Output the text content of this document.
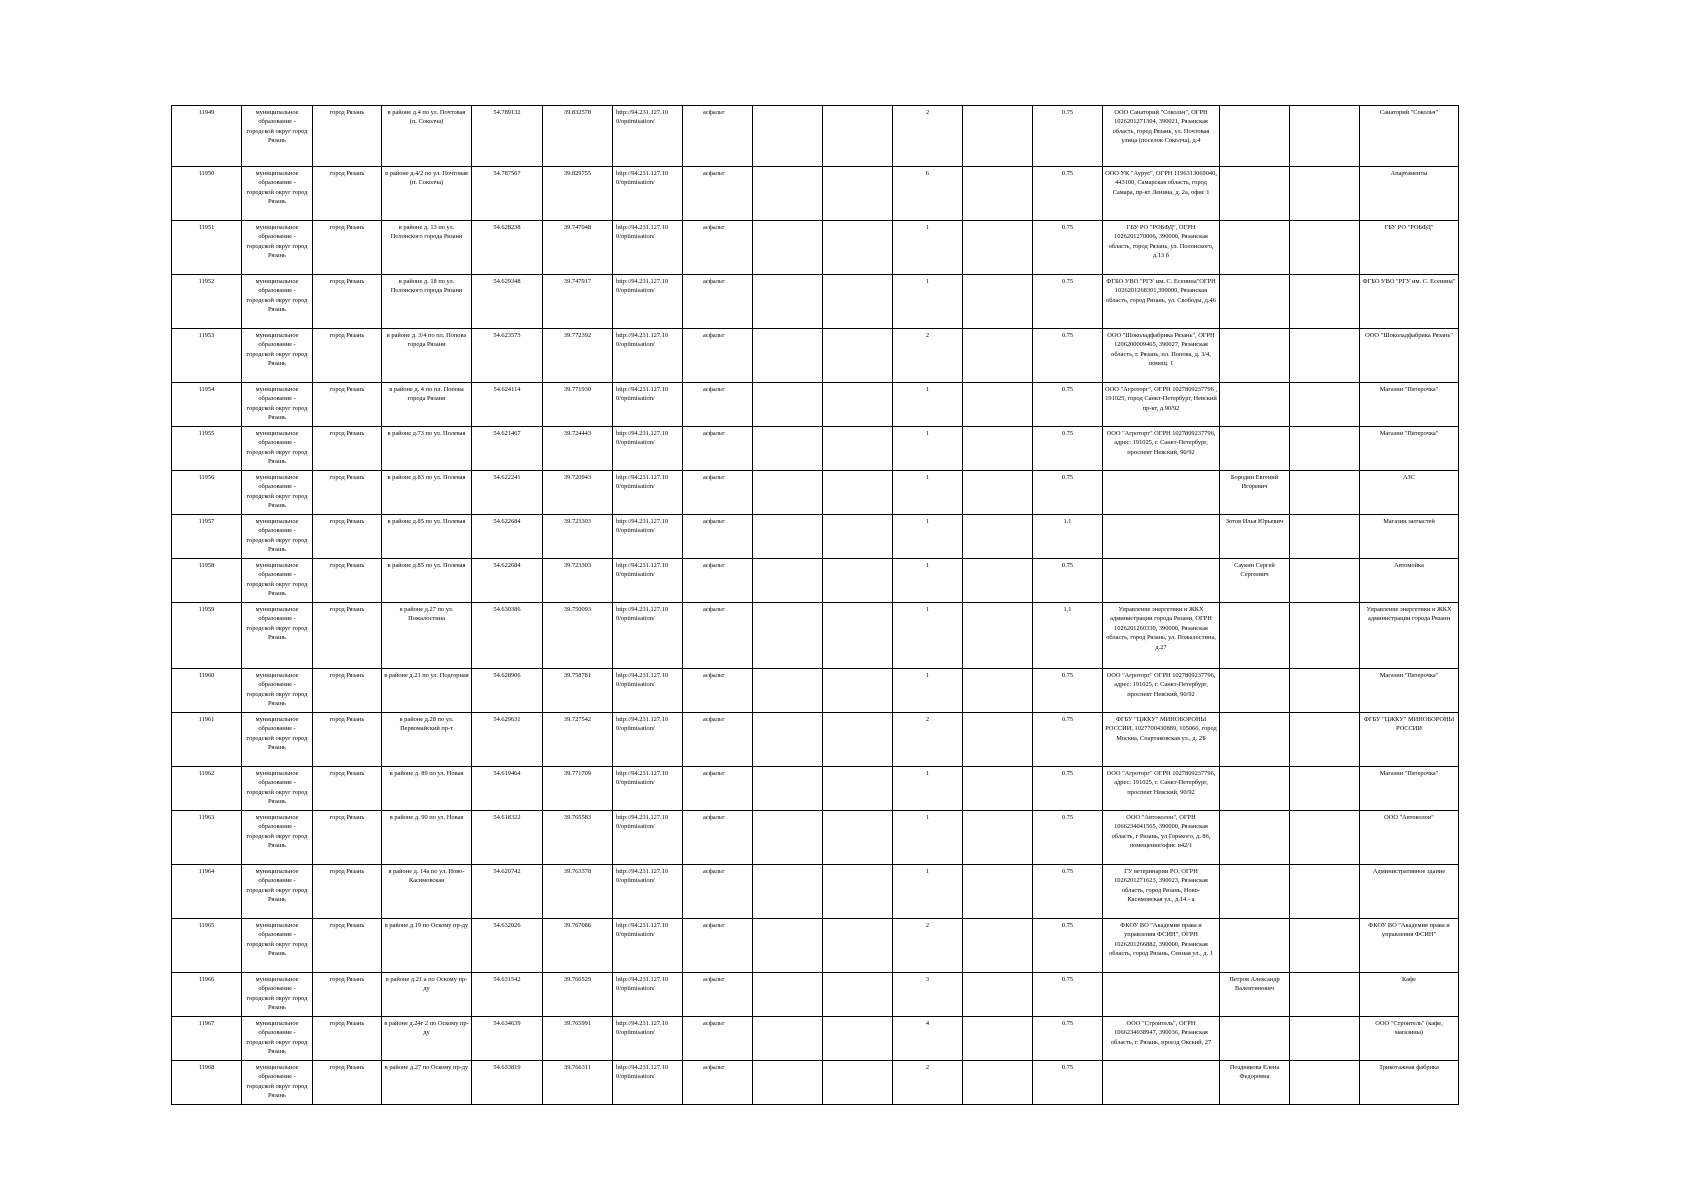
11949	муниципальное образование - городской округ город Рязань	город Рязань	в районе д.4 по ул. Почтовая (п. Соколча)	54.789132	39.832578	http://94.231.127.10 0/optimisation/	асфальт			2		0.75	ООО Санаторий "Сокольч", ОГРН 1026201271304, 390021, Рязанская область, город Рязань, ул. Почтовая улица (поселок Соколча), д.4			Санаторий "Сокольч"
11950	муниципальное образование - городской округ город Рязань	город Рязань	в районе д.4/2 по ул. Почтовая (п. Соколча)	54.787567	39.829755	http://94.231.127.10 0/optimisation/	асфальт			6		0.75	ООО УК "Аурус", ОГРН 1196313069040, 443100, Самарская область, город Самара, пр-кт Ленина, д. 2а, офис 1			Апартаменты
11951	муниципальное образование - городской округ город Рязань	город Рязань	в районе д. 13 по ул. Полонского города Рязани	54.628238	39.747048	http://94.231.127.10 0/optimisation/	асфальт			1		0.75	ГБУ РО "РОБФД", ОГРН 1026201270006, 390000, Рязанская область, город Рязань, ул. Полонского, д.13 б			ГБУ РО "РОБФД"
11952	муниципальное образование - городской округ город Рязань	город Рязань	в районе д. 18 по ул. Полонского города Рязани	54.629348	39.747917	http://94.231.127.10 0/optimisation/	асфальт			1		0.75	ФГБО УВО "РГУ им. С. Есенина"ОГРН 1026201268301,390000, Рязанская область, город Рязань, ул. Свободы, д.46			ФГБО УВО "РГУ им. С. Есенина"
11953	муниципальное образование - городской округ город Рязань	город Рязань	в районе д. 3/4 по пл. Попова города Рязани	54.623573	39.772392	http://94.231.127.10 0/optimisation/	асфальт			2		0.75	ООО "Шоколадфабрика Рязань", ОГРН 1206200009465, 390027, Рязанская область, г. Рязань, пл. Попова, д. 3/4, помещ. 1			ООО "Шоколадфабрика Рязань"
11954	муниципальное образование - городской округ город Рязань	город Рязань	в районе д. 4 по пл. Попова города Рязани	54.624114	39.771930	http://94.231.127.10 0/optimisation/	асфальт			1		0.75	ООО "Агроторг", ОГРН 1027809237796 , 191025, город Санкт-Петербург, Невский пр-кт, д.90/92			Магазин "Пятерочка"
11955	муниципальное образование - городской округ город Рязань	город Рязань	в районе д.73 по ул. Полевая	54.621467	39.724443	http://94.231.127.10 0/optimisation/	асфальт			1		0.75	ООО "Агроторг" ОГРН 1027809237796, адрес: 191025, г. Санкт-Петербург, проспект Невский, 90/92			Магазин "Пятерочка"
11956	муниципальное образование - городской округ город Рязань	город Рязань	в районе д.83 по ул. Полевая	54.622241	39.720943	http://94.231.127.10 0/optimisation/	асфальт			1		0.75		Бородин Евгений Игоревич		АЗС
11957	муниципальное образование - городской округ город Рязань	город Рязань	в районе д.85 по ул. Полевая	54.622684	39.723303	http://94.231.127.10 0/optimisation/	асфальт			1		1.1		Зотов Илья Юрьевич		Магазин запчастей
11958	муниципальное образование - городской округ город Рязань	город Рязань	в районе д.85 по ул. Полевая	54.622684	39.723303	http://94.231.127.10 0/optimisation/	асфальт			1		0.75		Саукин Сергей Сергеевич		Автомойка
11959	муниципальное образование - городской округ город Рязань	город Рязань	в районе д.27 по ул. Пожалостина	54.630386	39.750093	http://94.231.127.10 0/optimisation/	асфальт			1		1,1	Управление энергетики и ЖКХ администрации города Рязани, ОГРН 1026201260330, 390000, Рязанская область, город Рязань, ул. Пожалостина, д.27			Управление энергетики и ЖКХ администрации города Рязани
11960	муниципальное образование - городской округ город Рязань	город Рязань	в районе д.21 по ул. Подгорная	54.628906	39.758781	http://94.231.127.10 0/optimisation/	асфальт			1		0.75	ООО "Агроторг" ОГРН 1027809237796, адрес: 191025, г. Санкт-Петербург, проспект Невский, 90/92			Магазин "Пятерочка"
11961	муниципальное образование - городской округ город Рязань	город Рязань	в районе д.28 по ул. Первомайский пр-т	54.629631	39.727542	http://94.231.127.10 0/optimisation/	асфальт			2		0.75	ФГБУ "ЦЖКУ" МИНОБОРОНЫ РОССИИ, 1027700430889, 105066, город Москва, Спартаковская ул., д. 2Б			ФГБУ "ЦЖКУ" МИНОБОРОНЫ РОССИИ
11962	муниципальное образование - городской округ город Рязань	город Рязань	в районе д. 89 по ул. Новая	54.619464	39.771709	http://94.231.127.10 0/optimisation/	асфальт			1		0.75	ООО "Агроторг" ОГРН 1027809237796, адрес: 191025, г. Санкт-Петербург, проспект Невский, 90/92			Магазин "Пятерочка"
11963	муниципальное образование - городской округ город Рязань	город Рязань	в районе д. 90 по ул. Новая	54.618322	39.765583	http://94.231.127.10 0/optimisation/	асфальт			1		0.75	ООО "Автоколон", ОГРН 1066234041565, 390000, Рязанская область, г Рязань, ул Горького, д. 86, помещение/офис н42/1			ООО "Автоколон"
11964	муниципальное образование - городской округ город Рязань	город Рязань	в районе д. 14а по ул. Ново-Касимовская	54.620742	39.763378	http://94.231.127.10 0/optimisation/	асфальт			1		0.75	ГУ ветеринарии РО, ОГРН 1026201271623, 390023, Рязанская область, город Рязань, Ново-Касимовская ул., д.14 - а			Административное здание
11965	муниципальное образование - городской округ город Рязань	город Рязань	в районе д.19 по Оскому пр-ду	54.632026	39.767086	http://94.231.127.10 0/optimisation/	асфальт			2		0.75	ФКОУ ВО "Академия права и управления ФСИН", ОГРН 1026201266882, 390000, Рязанская область, город Рязань, Сенная ул., д. 1			ФКОУ ВО "Академия права и управления ФСИН"
11966	муниципальное образование - городской округ город Рязань	город Рязань	в районе д.21 а по Оскому пр-ду	54.631542	39.766529	http://94.231.127.10 0/optimisation/	асфальт			3		0.75		Петров Александр Валентинович		Кафе
11967	муниципальное образование - городской округ город Рязань	город Рязань	в районе д.24г 2 по Оскому пр-ду	54.634639	39.765991	http://94.231.127.10 0/optimisation/	асфальт			4		0.75	ООО "Строитель", ОГРН 1066234038947, 390036, Рязанская область, г. Рязань, проезд Окский, 27			ООО "Строитель" (кафе, магазины)
11968	муниципальное образование - городской округ город Рязань	город Рязань	в районе д.27 по Оскому пр-ду	54.633819	39.766311	http://94.231.127.10 0/optimisation/	асфальт			2		0.75		Позднякова Елена Федоровна		Трикотажная фабрика
